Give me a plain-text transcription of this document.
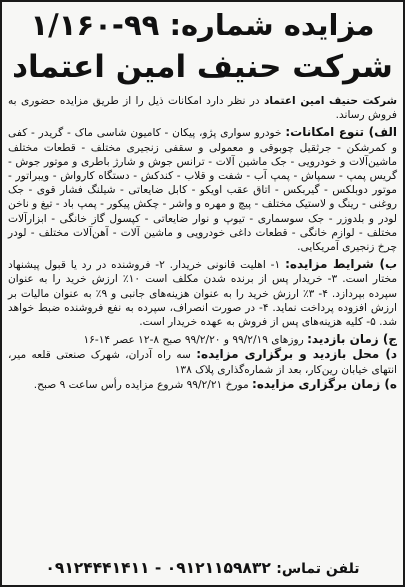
مزایده شماره: ۹۹-۱/۱۶۰
شرکت حنیف امین اعتماد

شرکت حنیف امین اعتماد در نظر دارد امکانات ذیل را از طریق مزایده حضوری به فروش رساند.

الف) تنوع امکانات: خودرو سواری پژو، پیکان - کامیون شاسی ماک - گریدر - کفی و کمرشکن - جرثقیل چوبوقی و معمولی و سقفی زنجیری مختلف - قطعات مختلف ماشین‌آلات و خودرویی - جک ماشین آلات - ترانس جوش و شارژ باطری و موتور جوش - گریس پمپ - سمپاش - پمپ آب - شفت و قلاب - کندکش - دستگاه کارواش - ویبراتور - موتور دوبلکس - گیربکس - اتاق عقب اویکو - کابل ضایعاتی - شیلنگ فشار قوی - جک روغنی - رینگ و لاستیک مختلف - پیچ و مهره و واشر - چکش پیکور - پمپ باد - تیغ و ناخن لودر و بلدوزر - جک سوسماری - تیوپ و نوار ضایعاتی - کپسول گاز خانگی - ابزارآلات مختلف - لوازم خانگی - قطعات داغی خودرویی و ماشین آلات - آهن‌آلات مختلف - لودر چرخ زنجیری آمریکایی.

ب) شرایط مزایده: ۱- اهلیت قانونی خریدار. ۲- فروشنده در رد یا قبول پیشنهاد مختار است. ۳- خریدار پس از برنده شدن مکلف است ۱۰٪ ارزش خرید را به عنوان سپرده بپردازد. ۴- ۳٪ ارزش خرید را به عنوان هزینه‌های جانبی و ۹٪ به عنوان مالیات بر ارزش افزوده پرداخت نماید. ۴- در صورت انصراف، سپرده به نفع فروشنده ضبط خواهد شد. ۵- کلیه هزینه‌های پس از فروش به عهده خریدار است.

ج) زمان بازدید: روزهای ۹۹/۲/۱۹ و ۹۹/۲/۲۰ صبح ۸-۱۲ عصر ۱۴-۱۶

د) محل بازدید و برگزاری مزایده: سه راه آدران، شهرک صنعتی قلعه میر، انتهای خیابان رین‌کار، بعد از شماره‌گذاری پلاک ۱۳۸

ه) زمان برگزاری مزایده: مورخ ۹۹/۲/۲۱ شروع مزایده رأس ساعت ۹ صبح.

تلفن تماس: ۰۹۱۲۱۱۵۹۸۳۲ - ۰۹۱۲۴۴۴۱۴۱۱
